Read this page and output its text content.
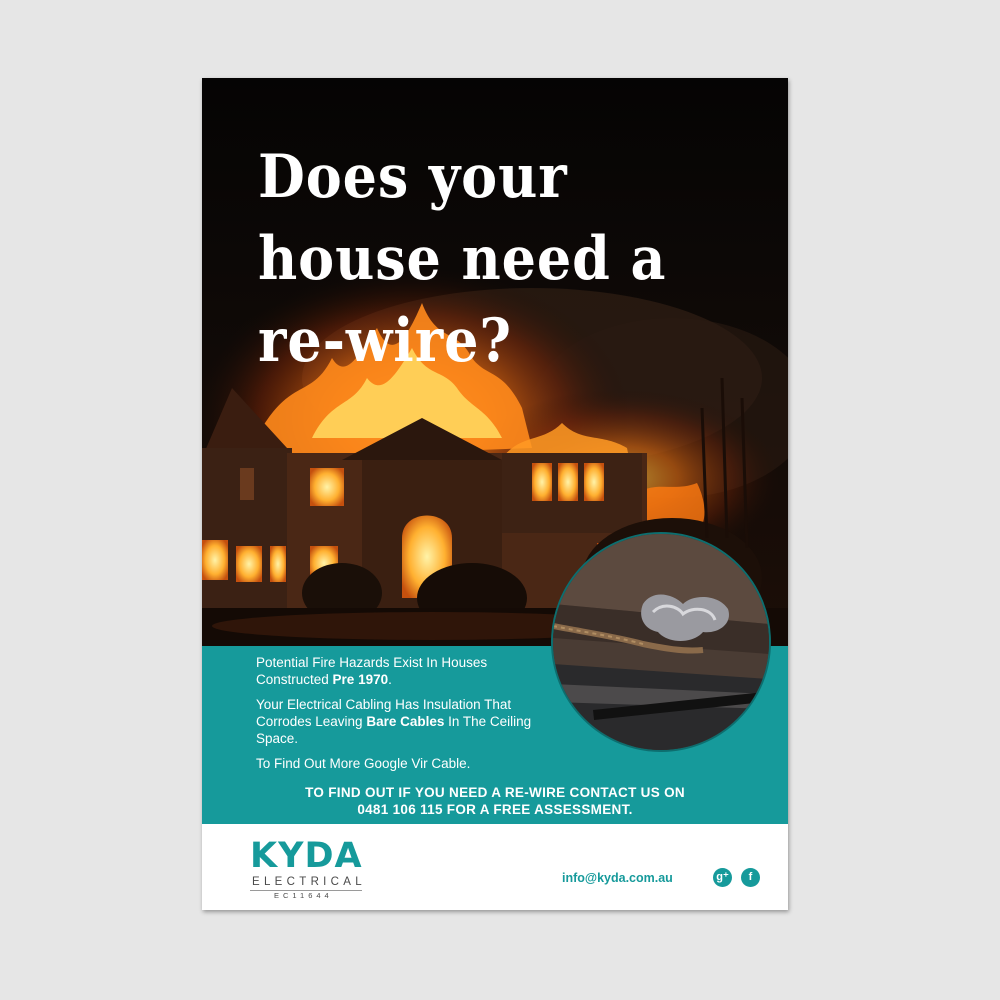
Does your
house need a
re-wire?

Potential Fire Hazards Exist In Houses Constructed Pre 1970.

Your Electrical Cabling Has Insulation That Corrodes Leaving Bare Cables In The Ceiling Space.

To Find Out More Google Vir Cable.

TO FIND OUT IF YOU NEED A RE-WIRE CONTACT US ON
0481 106 115 FOR A FREE ASSESSMENT.
KYDA
ELECTRICAL
EC11644
info@kyda.com.au	g⁺	f
